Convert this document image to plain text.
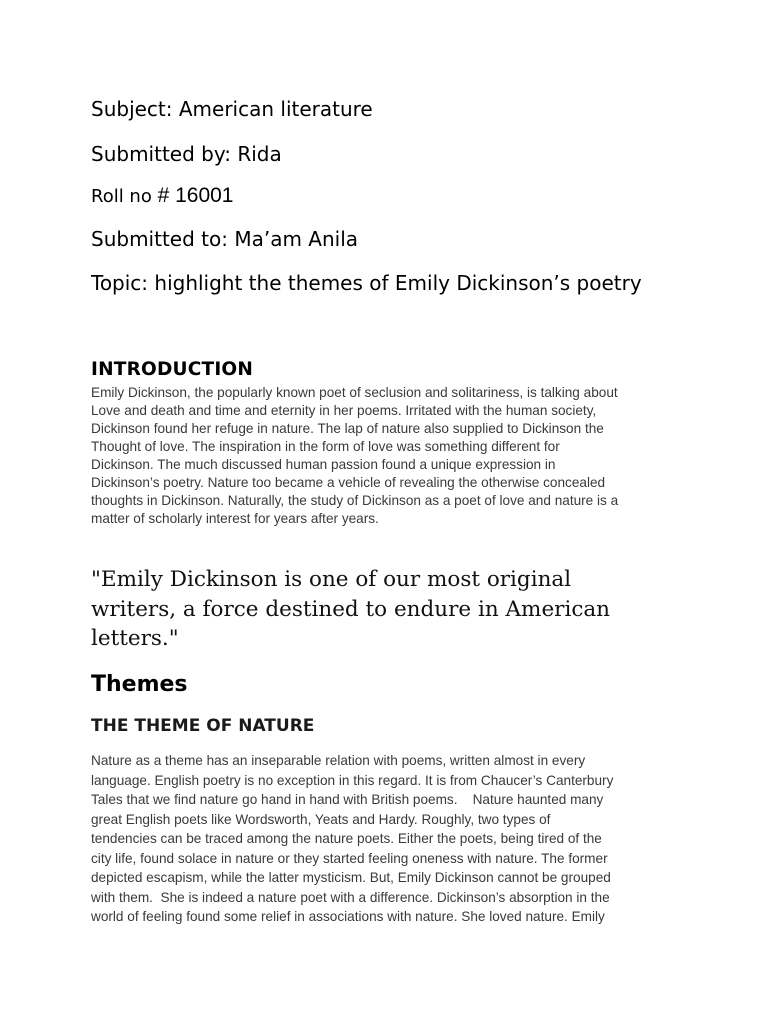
Subject: American literature
Submitted by: Rida
Roll no # 16001
Submitted to: Ma’am Anila
Topic: highlight the themes of Emily Dickinson’s poetry
INTRODUCTION
Emily Dickinson, the popularly known poet of seclusion and solitariness, is talking about
Love and death and time and eternity in her poems. Irritated with the human society,
Dickinson found her refuge in nature. The lap of nature also supplied to Dickinson the
Thought of love. The inspiration in the form of love was something different for
Dickinson. The much discussed human passion found a unique expression in
Dickinson’s poetry. Nature too became a vehicle of revealing the otherwise concealed
thoughts in Dickinson. Naturally, the study of Dickinson as a poet of love and nature is a
matter of scholarly interest for years after years.
"Emily Dickinson is one of our most original
writers, a force destined to endure in American
letters."
Themes
THE THEME OF NATURE
Nature as a theme has an inseparable relation with poems, written almost in every
language. English poetry is no exception in this regard. It is from Chaucer’s Canterbury
Tales that we find nature go hand in hand with British poems.    Nature haunted many
great English poets like Wordsworth, Yeats and Hardy. Roughly, two types of
tendencies can be traced among the nature poets. Either the poets, being tired of the
city life, found solace in nature or they started feeling oneness with nature. The former
depicted escapism, while the latter mysticism. But, Emily Dickinson cannot be grouped
with them.  She is indeed a nature poet with a difference. Dickinson’s absorption in the
world of feeling found some relief in associations with nature. She loved nature. Emily
